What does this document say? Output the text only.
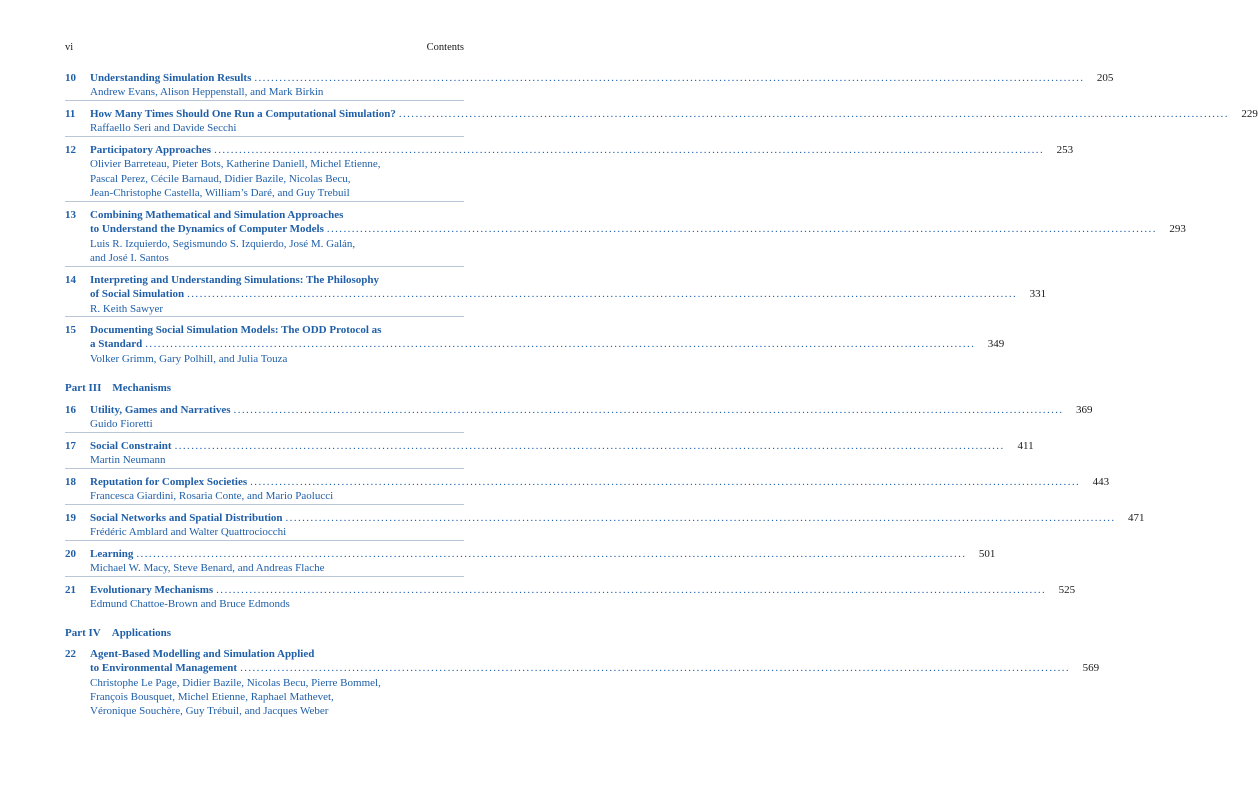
vi	Contents
10 Understanding Simulation Results ........................................................................................................................................................................................................	205
Andrew Evans, Alison Heppenstall, and Mark Birkin
11 How Many Times Should One Run a Computational Simulation? ........................................................................................................................................................................................................	229
Raffaello Seri and Davide Secchi
12 Participatory Approaches ........................................................................................................................................................................................................	253
Olivier Barreteau, Pieter Bots, Katherine Daniell, Michel Etienne,
Pascal Perez, Cécile Barnaud, Didier Bazile, Nicolas Becu,
Jean-Christophe Castella, William’s Daré, and Guy Trebuil
13 Combining Mathematical and Simulation Approaches
to Understand the Dynamics of Computer Models ........................................................................................................................................................................................................	293
Luis R. Izquierdo, Segismundo S. Izquierdo, José M. Galán,
and José I. Santos
14 Interpreting and Understanding Simulations: The Philosophy
of Social Simulation ........................................................................................................................................................................................................	331
R. Keith Sawyer
15 Documenting Social Simulation Models: The ODD Protocol as
a Standard ........................................................................................................................................................................................................	349
Volker Grimm, Gary Polhill, and Julia Touza
16 Utility, Games and Narratives ........................................................................................................................................................................................................	369
Guido Fioretti
17 Social Constraint ........................................................................................................................................................................................................	411
Martin Neumann
18 Reputation for Complex Societies ........................................................................................................................................................................................................	443
Francesca Giardini, Rosaria Conte, and Mario Paolucci
19 Social Networks and Spatial Distribution ........................................................................................................................................................................................................	471
Frédéric Amblard and Walter Quattrociocchi
20 Learning ........................................................................................................................................................................................................	501
Michael W. Macy, Steve Benard, and Andreas Flache
21 Evolutionary Mechanisms ........................................................................................................................................................................................................	525
Edmund Chattoe-Brown and Bruce Edmonds
22 Agent-Based Modelling and Simulation Applied
to Environmental Management ........................................................................................................................................................................................................	569
Christophe Le Page, Didier Bazile, Nicolas Becu, Pierre Bommel,
François Bousquet, Michel Etienne, Raphael Mathevet,
Véronique Souchère, Guy Trébuil, and Jacques Weber
Part III Mechanisms
Part IV Applications
